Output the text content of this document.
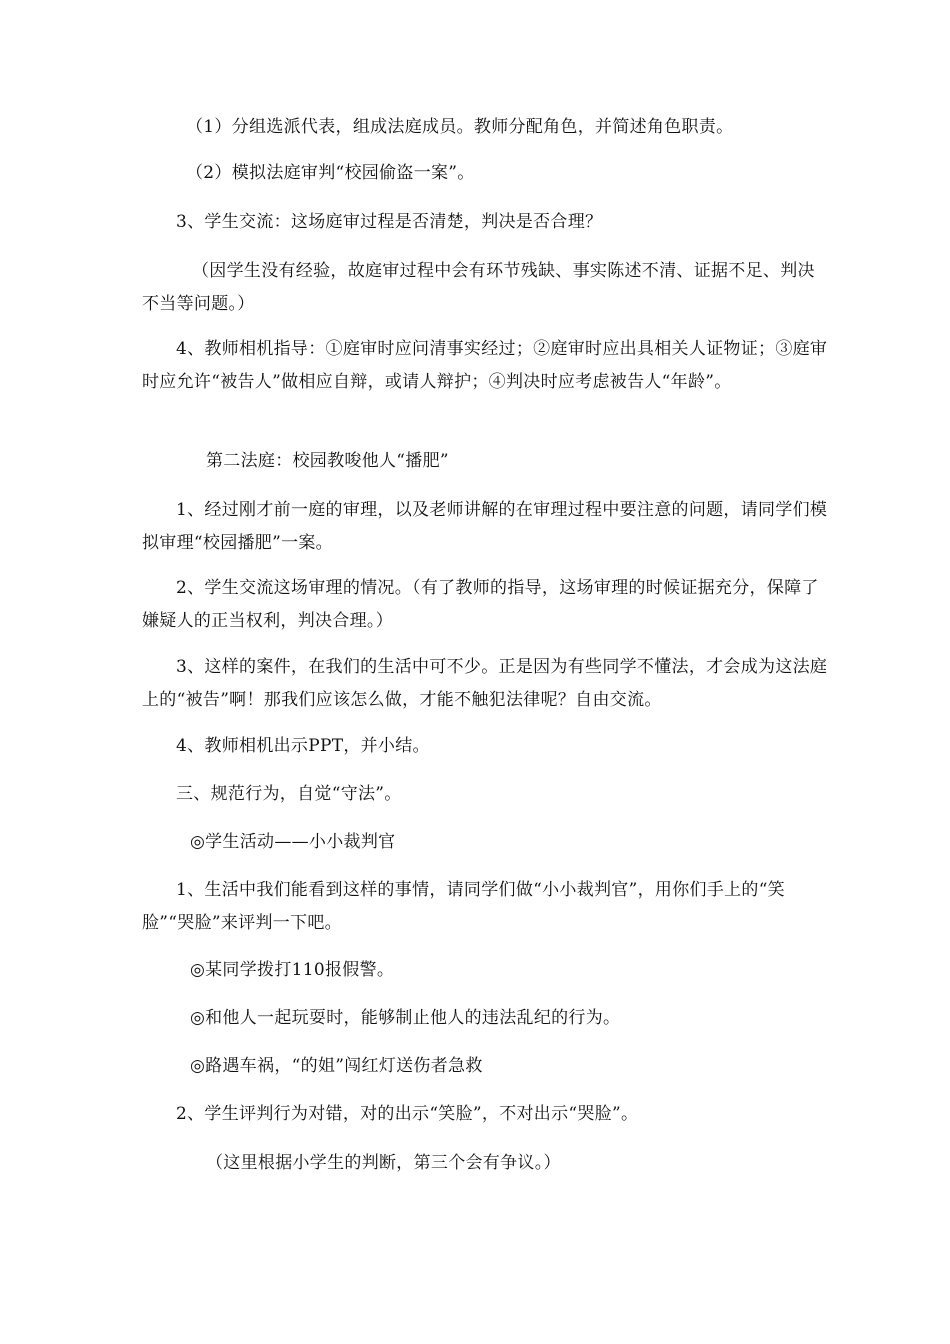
（1）分组选派代表，组成法庭成员。教师分配角色，并简述角色职责。
（2）模拟法庭审判“校园偷盗一案”。
3、学生交流：这场庭审过程是否清楚，判决是否合理？
（因学生没有经验，故庭审过程中会有环节残缺、事实陈述不清、证据不足、判决不当等问题。）
4、教师相机指导：①庭审时应问清事实经过；②庭审时应出具相关人证物证；③庭审时应允许“被告人”做相应自辩，或请人辩护；④判决时应考虑被告人“年龄”。
第二法庭：校园教唆他人“播肥”
1、经过刚才前一庭的审理，以及老师讲解的在审理过程中要注意的问题，请同学们模拟审理“校园播肥”一案。
2、学生交流这场审理的情况。（有了教师的指导，这场审理的时候证据充分，保障了嫌疑人的正当权利，判决合理。）
3、这样的案件，在我们的生活中可不少。正是因为有些同学不懂法，才会成为这法庭上的“被告”啊！那我们应该怎么做，才能不触犯法律呢？自由交流。
4、教师相机出示PPT，并小结。
三、规范行为，自觉“守法”。
◎学生活动——小小裁判官
1、生活中我们能看到这样的事情，请同学们做“小小裁判官”，用你们手上的“笑脸”“哭脸”来评判一下吧。
◎某同学拨打110报假警。
◎和他人一起玩耍时，能够制止他人的违法乱纪的行为。
◎路遇车祸，“的姐”闯红灯送伤者急救
2、学生评判行为对错，对的出示“笑脸”，不对出示“哭脸”。
（这里根据小学生的判断，第三个会有争议。）
